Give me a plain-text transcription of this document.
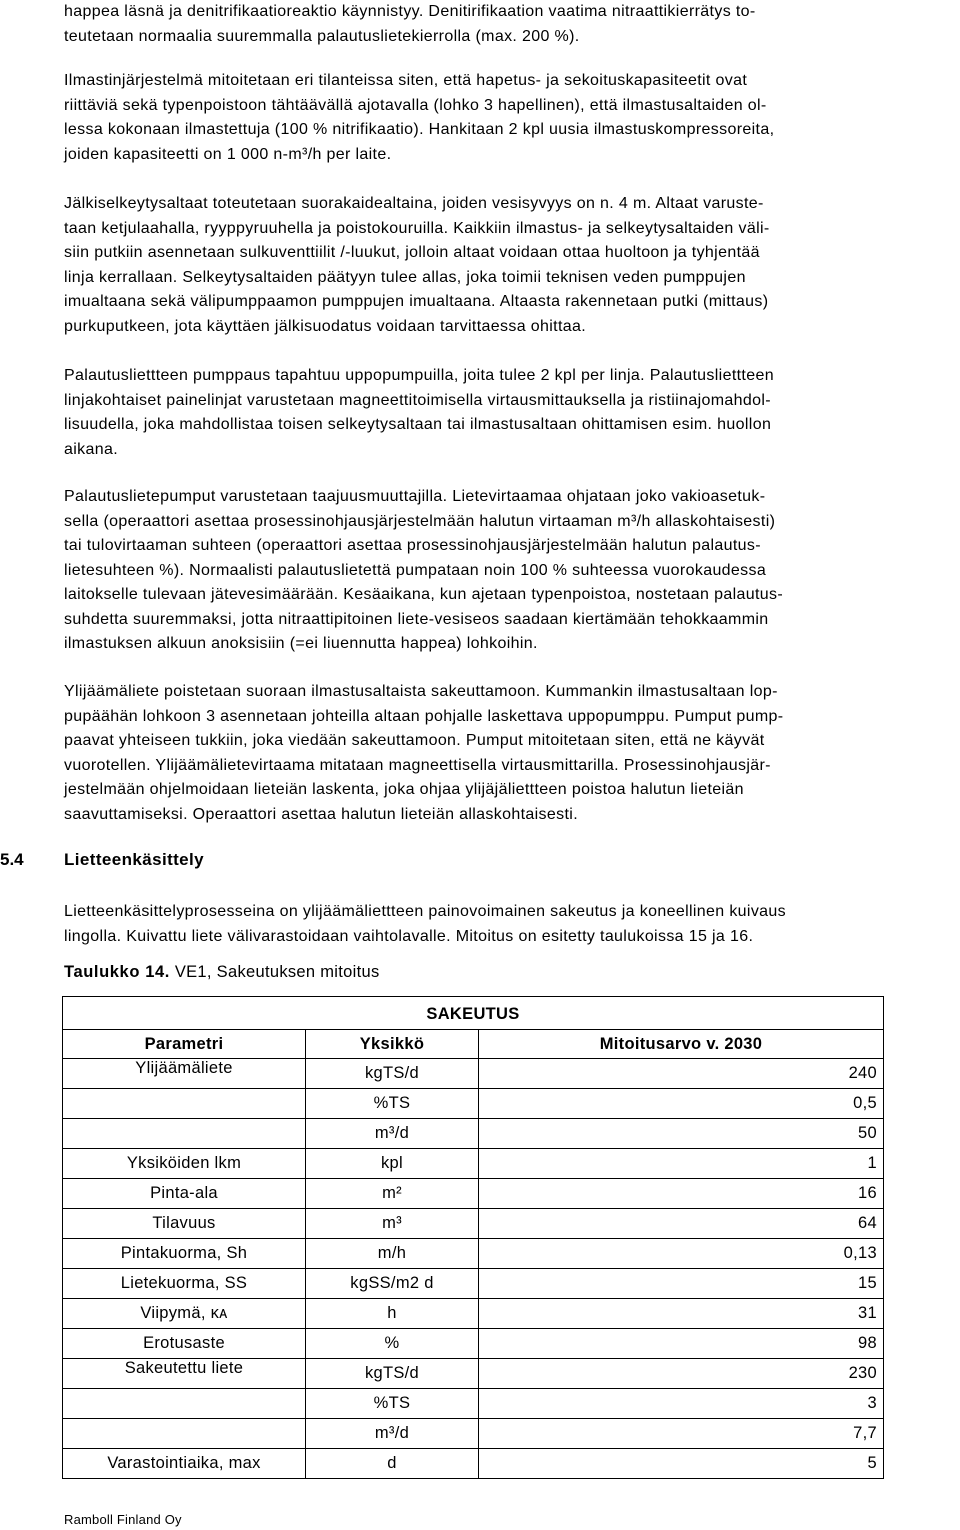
happea läsnä ja denitrifikaatioreaktio käynnistyy. Denitirifikaation vaatima nitraattikierrätys to-
teutetaan normaalia suuremmalla palautuslietekierrolla (max. 200 %).
Ilmastinjärjestelmä mitoitetaan eri tilanteissa siten, että hapetus- ja sekoituskapasiteetit ovat
riittäviä sekä typenpoistoon tähtäävällä ajotavalla (lohko 3 hapellinen), että ilmastusaltaiden ol-
lessa kokonaan ilmastettuja (100 % nitrifikaatio). Hankitaan 2 kpl uusia ilmastuskompressoreita,
joiden kapasiteetti on 1 000 n-m³/h per laite.
Jälkiselkeytysaltaat toteutetaan suorakaidealtaina, joiden vesisyvyys on n. 4 m. Altaat varuste-
taan ketjulaahalla, ryyppyruuhella ja poistokouruilla. Kaikkiin ilmastus- ja selkeytysaltaiden väli-
siin putkiin asennetaan sulkuventtiilit /-luukut, jolloin altaat voidaan ottaa huoltoon ja tyhjentää
linja kerrallaan. Selkeytysaltaiden päätyyn tulee allas, joka toimii teknisen veden pumppujen
imualtaana sekä välipumppaamon pumppujen imualtaana. Altaasta rakennetaan putki (mittaus)
purkuputkeen, jota käyttäen jälkisuodatus voidaan tarvittaessa ohittaa.
Palautusliettteen pumppaus tapahtuu uppopumpuilla, joita tulee 2 kpl per linja. Palautusliettteen
linjakohtaiset painelinjat varustetaan magneettitoimisella virtausmittauksella ja ristiinajomahdol-
lisuudella, joka mahdollistaa toisen selkeytysaltaan tai ilmastusaltaan ohittamisen esim. huollon
aikana.
Palautuslietepumput varustetaan taajuusmuuttajilla. Lietevirtaamaa ohjataan joko vakioasetuk-
sella (operaattori asettaa prosessinohjausjärjestelmään halutun virtaaman m³/h allaskohtaisesti)
tai tulovirtaaman suhteen (operaattori asettaa prosessinohjausjärjestelmään halutun palautus-
lietesuhteen %). Normaalisti palautuslietettä pumpataan noin 100 % suhteessa vuorokaudessa
laitokselle tulevaan jätevesimäärään. Kesäaikana, kun ajetaan typenpoistoa, nostetaan palautus-
suhdetta suuremmaksi, jotta nitraattipitoinen liete-vesiseos saadaan kiertämään tehokkaammin
ilmastuksen alkuun anoksisiin (=ei liuennutta happea) lohkoihin.
Ylijäämäliete poistetaan suoraan ilmastusaltaista sakeuttamoon. Kummankin ilmastusaltaan lop-
pupäähän lohkoon 3 asennetaan johteilla altaan pohjalle laskettava uppopumppu. Pumput pump-
paavat yhteiseen tukkiin, joka viedään sakeuttamoon. Pumput mitoitetaan siten, että ne käyvät
vuorotellen. Ylijäämälietevirtaama mitataan magneettisella virtausmittarilla. Prosessinohjausjär-
jestelmään ohjelmoidaan lieteiän laskenta, joka ohjaa ylijäjäliettteen poistoa halutun lieteiän
saavuttamiseksi. Operaattori asettaa halutun lieteiän allaskohtaisesti.
Lietteenkäsittelyprosesseina on ylijäämäliettteen painovoimainen sakeutus ja koneellinen kuivaus
lingolla. Kuivattu liete välivarastoidaan vaihtolavalle. Mitoitus on esitetty taulukoissa 15 ja 16.
5.4 Lietteenkäsittely
Taulukko 14. VE1, Sakeutuksen mitoitus
SAKEUTUS		
Parametri	Yksikkö	Mitoitusarvo v. 2030
Ylijäämäliete	kgTS/d	240
	%TS	0,5
	m³/d	50
Yksiköiden lkm	kpl	1
Pinta-ala	m²	16
Tilavuus	m³	64
Pintakuorma, Sh	m/h	0,13
Lietekuorma, SS	kgSS/m2 d	15
Viipymä, ĸᴀ	h	31
Erotusaste	%	98
Sakeutettu liete	kgTS/d	230
	%TS	3
	m³/d	7,7
Varastointiaika, max	d	5
Ramboll Finland Oy
